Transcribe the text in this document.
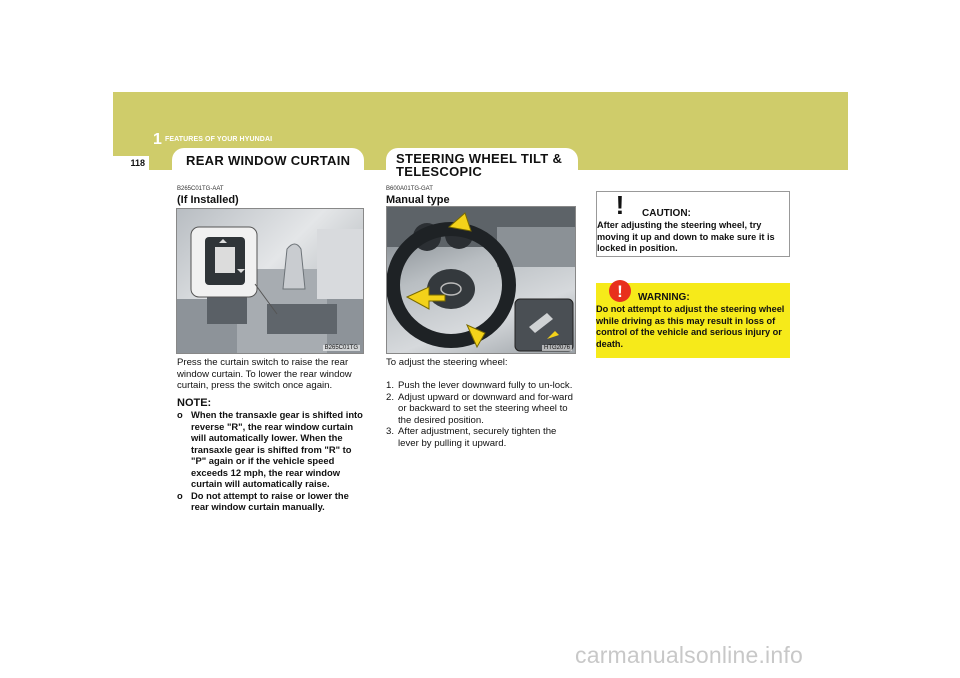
1 FEATURES OF YOUR HYUNDAI
118	REAR WINDOW CURTAIN	STEERING WHEEL TILT &
TELESCOPIC
B265C01TG-AAT
(If Installed)
B265C01TG
Press the curtain switch to raise the rear window curtain. To lower the rear window curtain, press the switch once again.
NOTE:
o When the transaxle gear is shifted into reverse "R", the rear window curtain will automatically lower. When the transaxle gear is shifted from "R" to "P" again or if the vehicle speed exceeds 12 mph, the rear window curtain will automatically raise.
o Do not attempt to raise or lower the rear window curtain manually.
B600A01TG-GAT
Manual type
HTG2076
To adjust the steering wheel:
1. Push the lever downward fully to un-lock.
2. Adjust upward or downward and for-ward or backward to set the steering wheel to the desired position.
3. After adjustment, securely tighten the lever by pulling it upward.
! CAUTION:
After adjusting the steering wheel, try moving it up and down to make sure it is locked in position.
! WARNING:
Do not attempt to adjust the steering wheel while driving as this may result in loss of control of the vehicle and serious injury or death.
carmanualsonline.info
